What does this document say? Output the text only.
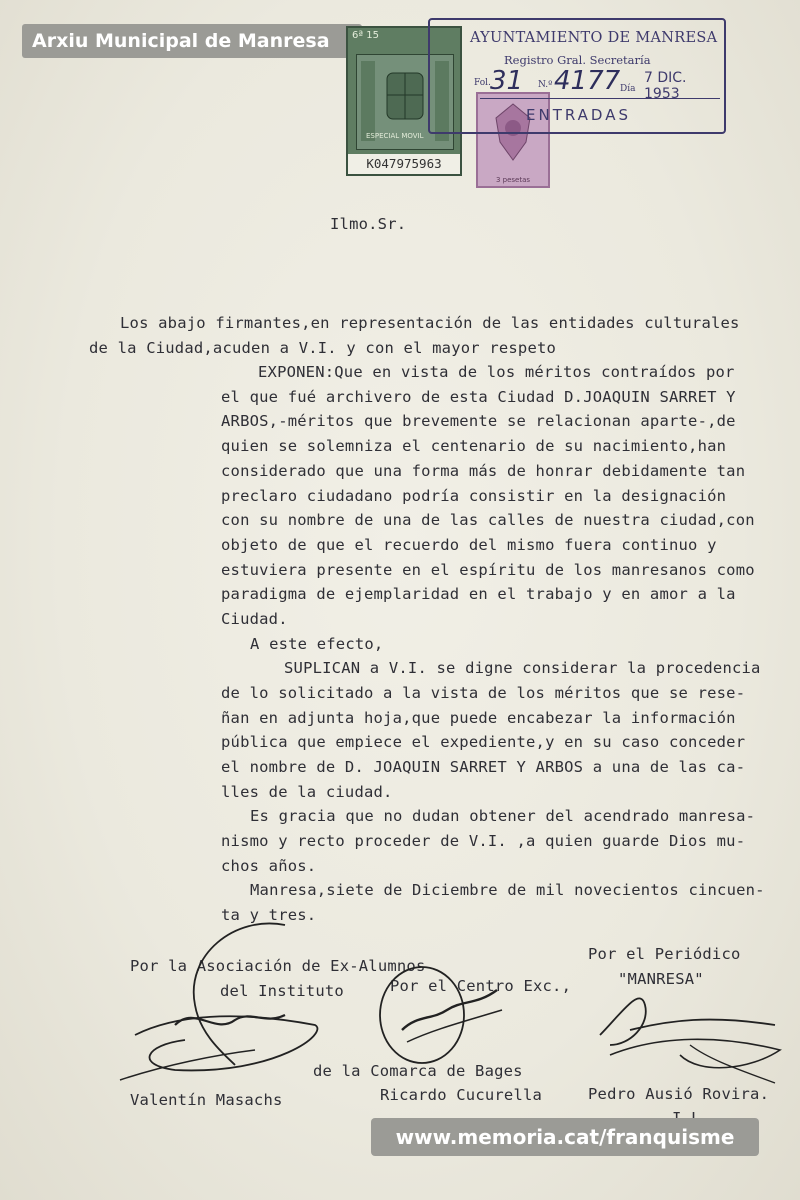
Arxiu Municipal de Manresa	6ª 15
ESPECIAL MOVIL
K047975963
3 pesetas
AYUNTAMIENTO DE MANRESA
Registro Gral. Secretaría
Fol. 31 N.º 4177 Día
7 DIC. 1953
ENTRADAS
Ilmo.Sr.
Los abajo firmantes,en representación de las entidades culturales
de la Ciudad,acuden a V.I. y con el mayor respeto
EXPONEN:Que en vista de los méritos contraídos por
el que fué archivero de esta Ciudad D.JOAQUIN SARRET Y
ARBOS,-méritos que brevemente se relacionan aparte-,de
quien se solemniza el centenario de su nacimiento,han
considerado que una forma más de honrar debidamente tan
preclaro ciudadano podría consistir en la designación
con su nombre de una de las calles de nuestra ciudad,con
objeto de que el recuerdo del mismo fuera continuo y
estuviera presente en el espíritu de los manresanos como
paradigma de ejemplaridad en el trabajo y en amor a la
Ciudad.
A este efecto,
SUPLICAN a V.I. se digne considerar la procedencia
de lo solicitado a la vista de los méritos que se rese-
ñan en adjunta hoja,que puede encabezar la información
pública que empiece el expediente,y en su caso conceder
el nombre de D. JOAQUIN SARRET Y ARBOS a una de las ca-
lles de la ciudad.
Es gracia que no dudan obtener del acendrado manresa-
nismo y recto proceder de V.I. ,a quien guarde Dios mu-
chos años.
Manresa,siete de Diciembre de mil novecientos cincuen-
ta y tres.
Por la Asociación de Ex-Alumnos
del Instituto
Valentín Masachs
Por el Centro Exc.,
de la Comarca de Bages
Ricardo Cucurella
Por el Periódico
"MANRESA"
Pedro Ausió Rovira.
www.memoria.cat/franquisme
